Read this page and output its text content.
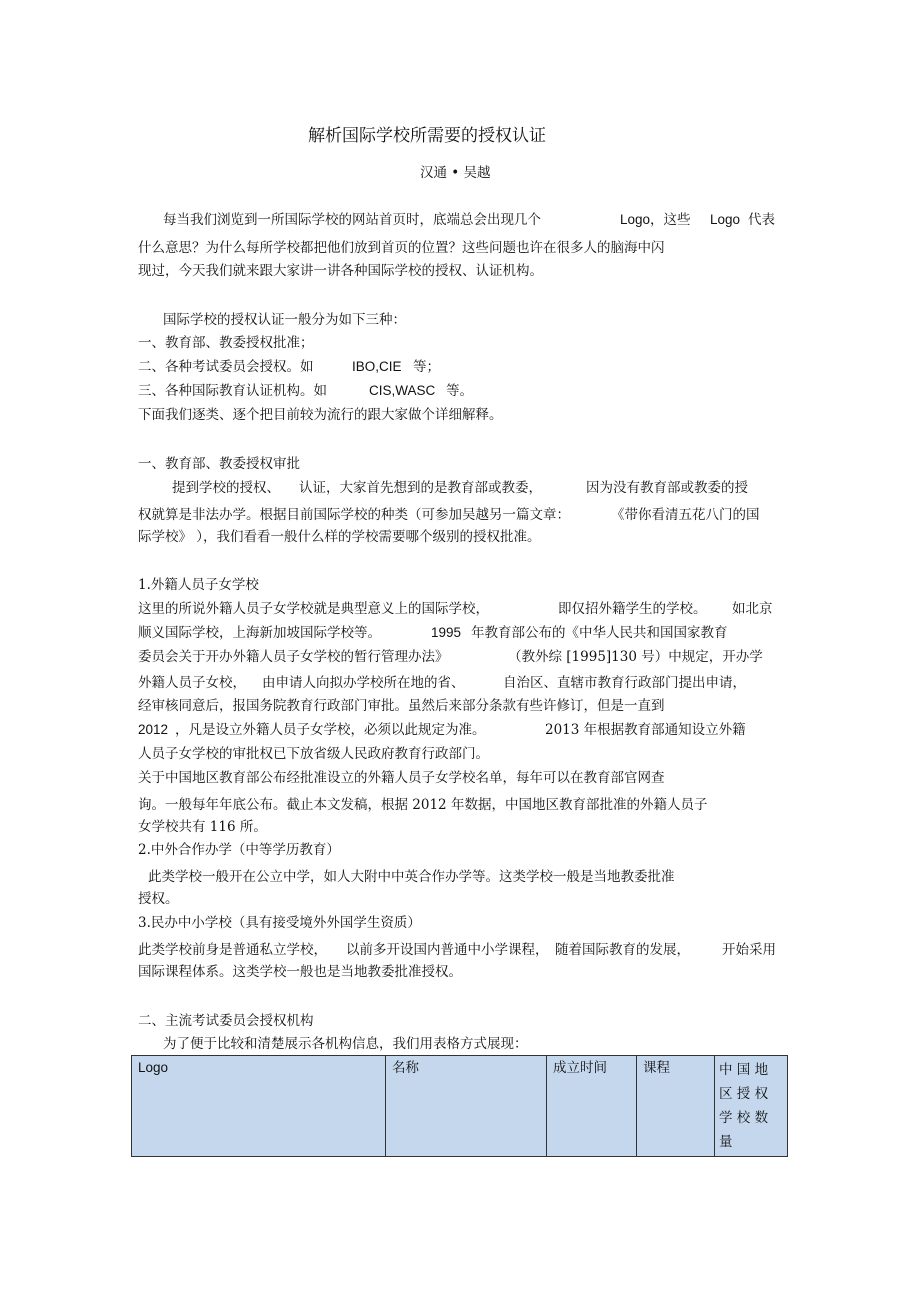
解析国际学校所需要的授权认证
汉通 • 吴越
每当我们浏览到一所国际学校的网站首页时，底端总会出现几个	Logo，这些 Logo 代表
什么意思？为什么每所学校都把他们放到首页的位置？这些问题也许在很多人的脑海中闪
现过，今天我们就来跟大家讲一讲各种国际学校的授权、认证机构。
国际学校的授权认证一般分为如下三种：
一、教育部、教委授权批准；
二、各种考试委员会授权。如	IBO,CIE 等；
三、各种国际教育认证机构。如	CIS,WASC 等。
下面我们逐类、逐个把目前较为流行的跟大家做个详细解释。
一、教育部、教委授权审批
提到学校的授权、 认证，大家首先想到的是教育部或教委，	因为没有教育部或教委的授
权就算是非法办学。根据目前国际学校的种类（可参加吴越另一篇文章：	《带你看清五花八门的国
际学校》 ），我们看看一般什么样的学校需要哪个级别的授权批准。
1.外籍人员子女学校
这里的所说外籍人员子女学校就是典型意义上的国际学校，	即仅招外籍学生的学校。 如北京
顺义国际学校，上海新加坡国际学校等。	1995 年教育部公布的《中华人民共和国国家教育
委员会关于开办外籍人员子女学校的暂行管理办法》	（教外综 [1995]130 号）中规定，开办学
外籍人员子女校， 由申请人向拟办学校所在地的省、	自治区、直辖市教育行政部门提出申请，
经审核同意后，报国务院教育行政部门审批。虽然后来部分条款有些许修订，但是一直到
2012 ，凡是设立外籍人员子女学校，必须以此规定为准。	2013 年根据教育部通知设立外籍
人员子女学校的审批权已下放省级人民政府教育行政部门。
关于中国地区教育部公布经批准设立的外籍人员子女学校名单，每年可以在教育部官网查
询。一般每年年底公布。截止本文发稿，根据 2012 年数据，中国地区教育部批准的外籍人员子
女学校共有 116 所。
2.中外合作办学（中等学历教育）
此类学校一般开在公立中学，如人大附中中英合作办学等。这类学校一般是当地教委批准
授权。
3.民办中小学校（具有接受境外外国学生资质）
此类学校前身是普通私立学校， 以前多开设国内普通中小学课程， 随着国际教育的发展， 开始采用
国际课程体系。这类学校一般也是当地教委批准授权。
二、主流考试委员会授权机构
为了便于比较和清楚展示各机构信息，我们用表格方式展现：
Logo	名称	成立时间	课程	中 国 地
区 授 权
学 校 数
量
